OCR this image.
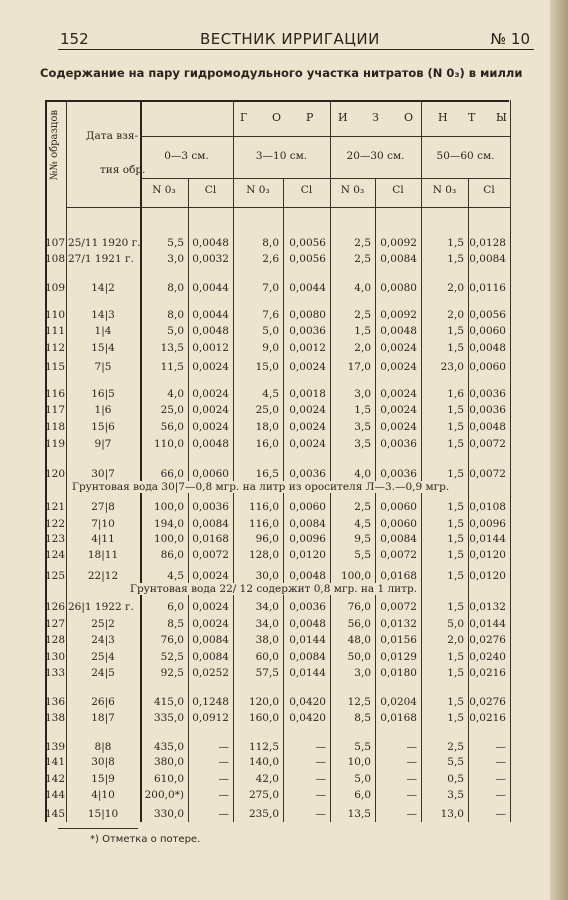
152	ВЕСТНИК ИРРИГАЦИИ	№ 10
Содержание на пару гидромодульного участка нитратов (N 0₃) в милли
№№ образцов Дата взя-
тия обр.
Г О Р И З О Н Т Ы
0—3 см.	3—10 см.	20—30 см.	50—60 см.
N 0₃	Cl	N 0₃	Cl	N 0₃	Cl	N 0₃	Cl
107 25/11 1920 г.	5,5 0,0048	8,0 0,0056	2,5 0,0092	1,5 0,0128
108 27/1 1921 г.	3,0 0,0032	2,6 0,0056	2,5 0,0084	1,5 0,0084
109	14|2	8,0 0,0044	7,0 0,0044	4,0 0,0080	2,0 0,0116
110	14|3	8,0 0,0044	7,6 0,0080	2,5 0,0092	2,0 0,0056
111	1|4	5,0 0,0048	5,0 0,0036	1,5 0,0048	1,5 0,0060
112	15|4	13,5 0,0012	9,0 0,0012	2,0 0,0024	1,5 0,0048
115	7|5	11,5 0,0024	15,0 0,0024	17,0 0,0024	23,0 0,0060
116	16|5	4,0 0,0024	4,5 0,0018	3,0 0,0024	1,6 0,0036
117	1|6	25,0 0,0024	25,0 0,0024	1,5 0,0024	1,5 0,0036
118	15|6	56,0 0,0024	18,0 0,0024	3,5 0,0024	1,5 0,0048
119	9|7	110,0 0,0048	16,0 0,0024	3,5 0,0036	1,5 0,0072
120	30|7	66,0 0,0060	16,5 0,0036	4,0 0,0036	1,5 0,0072
121	27|8	100,0 0,0036	116,0 0,0060	2,5 0,0060	1,5 0,0108
122	7|10	194,0 0,0084	116,0 0,0084	4,5 0,0060	1,5 0,0096
123	4|11	100,0 0,0168	96,0 0,0096	9,5 0,0084	1,5 0,0144
124	18|11	86,0 0,0072	128,0 0,0120	5,5 0,0072	1,5 0,0120
125	22|12	4,5 0,0024	30,0 0,0048	100,0 0,0168	1,5 0,0120
126 26|1 1922 г.	6,0 0,0024	34,0 0,0036	76,0 0,0072	1,5 0,0132
127	25|2	8,5 0,0024	34,0 0,0048	56,0 0,0132	5,0 0,0144
128	24|3	76,0 0,0084	38,0 0,0144	48,0 0,0156	2,0 0,0276
130	25|4	52,5 0,0084	60,0 0,0084	50,0 0,0129	1,5 0,0240
133	24|5	92,5 0,0252	57,5 0,0144	3,0 0,0180	1,5 0,0216
136	26|6	415,0 0,1248	120,0 0,0420	12,5 0,0204	1,5 0,0276
138	18|7	335,0 0,0912	160,0 0,0420	8,5 0,0168	1,5 0,0216
139	8|8	435,0	—	112,5	—	5,5	—	2,5	—
141	30|8	380,0	—	140,0	—	10,0	—	5,5	—
142	15|9	610,0	—	42,0	—	5,0	—	0,5	—
144	4|10	200,0*)	—	275,0	—	6,0	—	3,5	—
145	15|10	330,0	—	235,0	—	13,5	—	13,0	—
Грунтовая вода 30|7—0,8 мгр. на литр из оросителя Л—3.—0,9 мгр.
Грунтовая вода 22/ 12 содержит 0,8 мгр. на 1 литр.
*) Отметка о потере.
